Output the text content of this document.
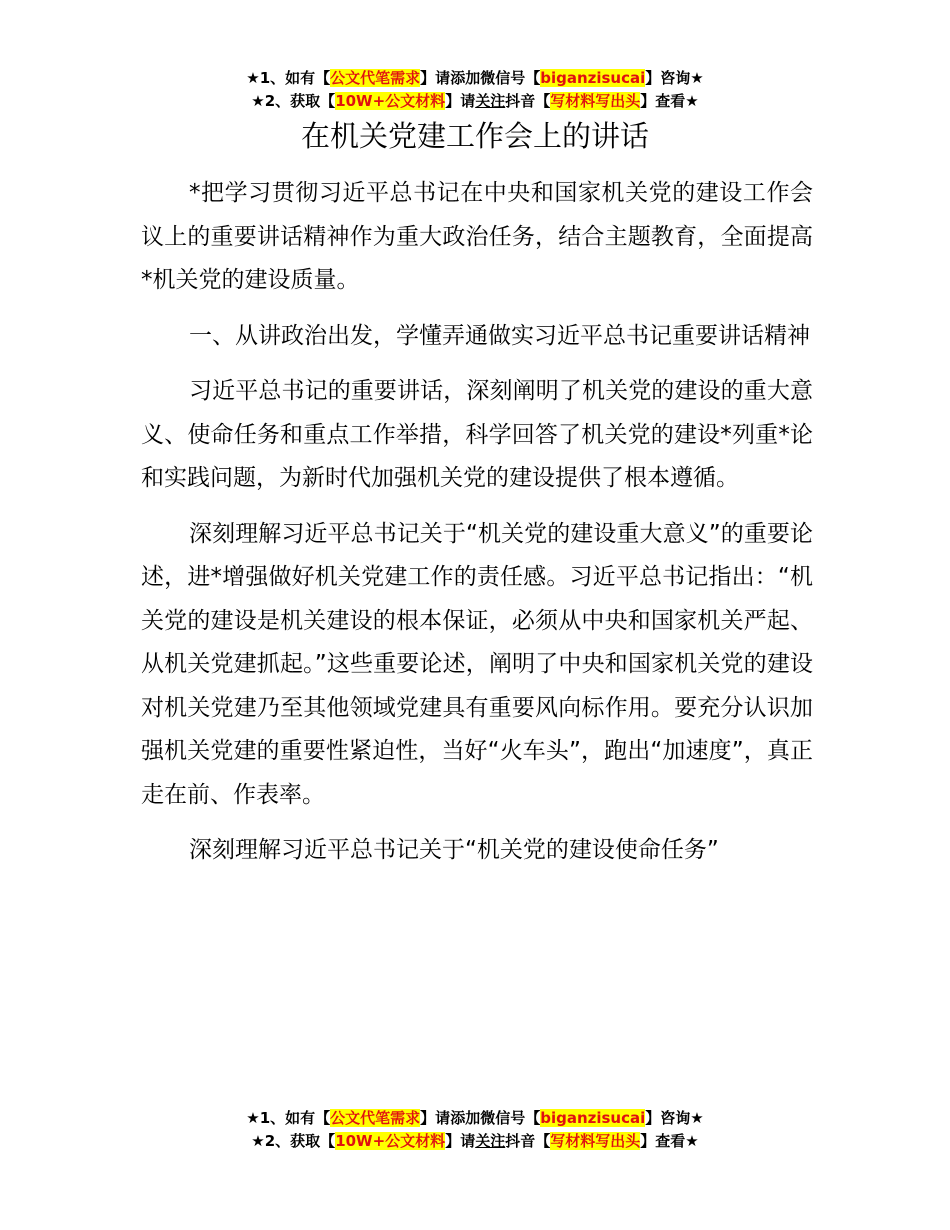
★1、如有【公文代笔需求】请添加微信号【biganzisucai】咨询★
★2、获取【10W+公文材料】请关注抖音【写材料写出头】查看★
在机关党建工作会上的讲话

*把学习贯彻习近平总书记在中央和国家机关党的建设工作会议上的重要讲话精神作为重大政治任务，结合主题教育，全面提高*机关党的建设质量。

一、从讲政治出发，学懂弄通做实习近平总书记重要讲话精神

习近平总书记的重要讲话，深刻阐明了机关党的建设的重大意义、使命任务和重点工作举措，科学回答了机关党的建设*列重*论和实践问题，为新时代加强机关党的建设提供了根本遵循。

深刻理解习近平总书记关于“机关党的建设重大意义”的重要论述，进*增强做好机关党建工作的责任感。习近平总书记指出：“机关党的建设是机关建设的根本保证，必须从中央和国家机关严起、从机关党建抓起。”这些重要论述，阐明了中央和国家机关党的建设对机关党建乃至其他领域党建具有重要风向标作用。要充分认识加强机关党建的重要性紧迫性，当好“火车头”，跑出“加速度”，真正走在前、作表率。

深刻理解习近平总书记关于“机关党的建设使命任务”

★1、如有【公文代笔需求】请添加微信号【biganzisucai】咨询★
★2、获取【10W+公文材料】请关注抖音【写材料写出头】查看★
